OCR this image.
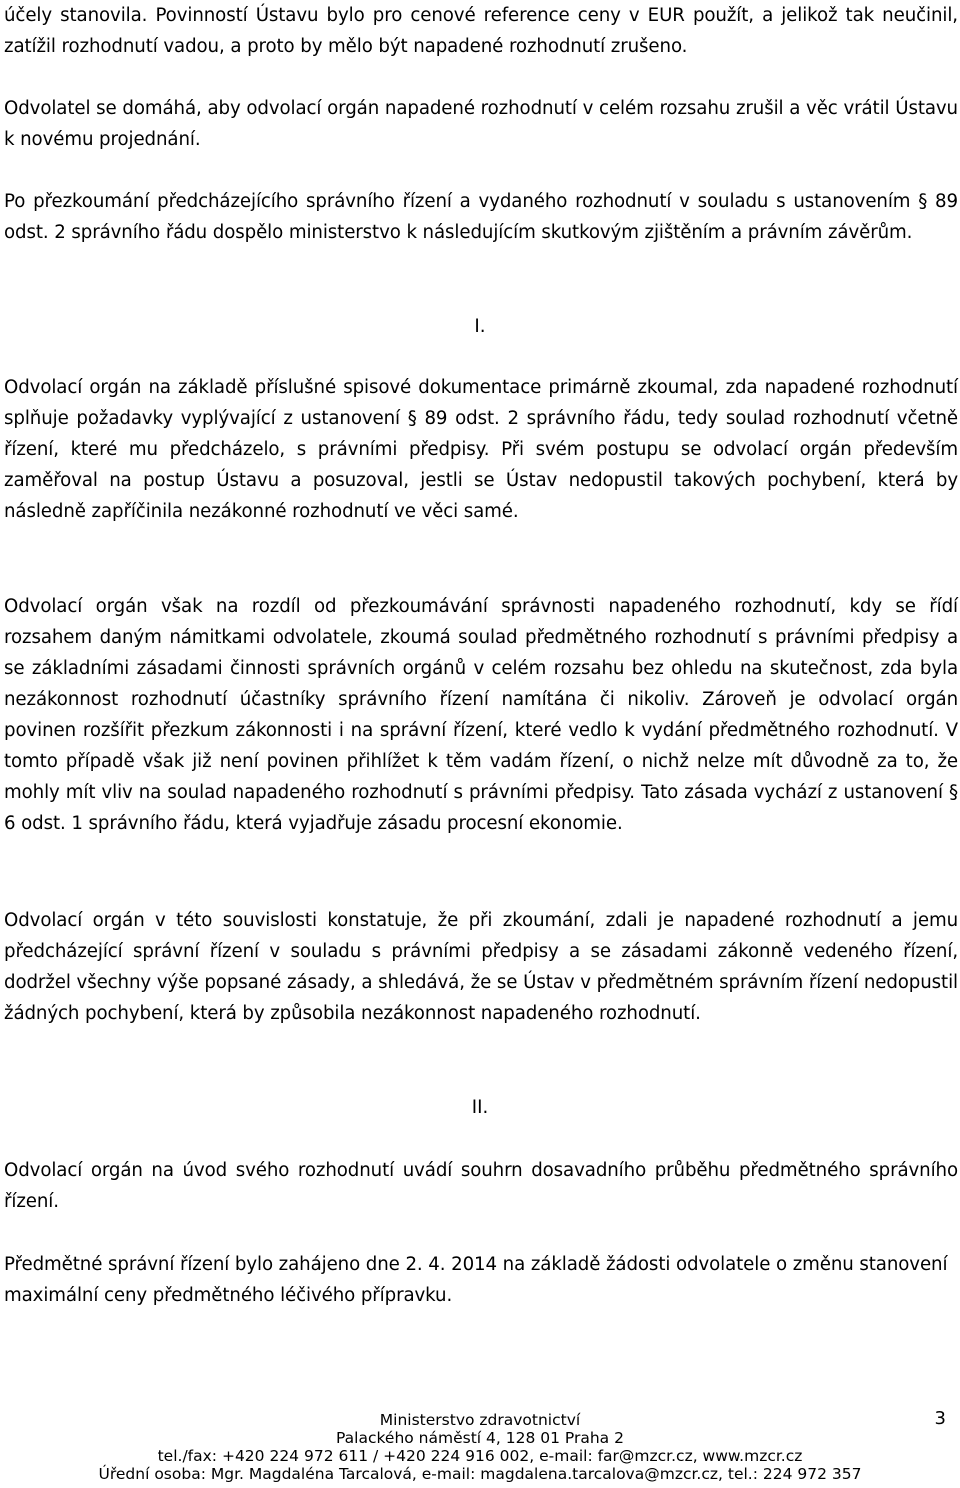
účely stanovila. Povinností Ústavu bylo pro cenové reference ceny v EUR použít, a jelikož tak neučinil, zatížil rozhodnutí vadou, a proto by mělo být napadené rozhodnutí zrušeno.

Odvolatel se domáhá, aby odvolací orgán napadené rozhodnutí v celém rozsahu zrušil a věc vrátil Ústavu k novému projednání.

Po přezkoumání předcházejícího správního řízení a vydaného rozhodnutí v souladu s ustanovením § 89 odst. 2 správního řádu dospělo ministerstvo k následujícím skutkovým zjištěním a právním závěrům.

I.

Odvolací orgán na základě příslušné spisové dokumentace primárně zkoumal, zda napadené rozhodnutí splňuje požadavky vyplývající z ustanovení § 89 odst. 2 správního řádu, tedy soulad rozhodnutí včetně řízení, které mu předcházelo, s právními předpisy. Při svém postupu se odvolací orgán především zaměřoval na postup Ústavu a posuzoval, jestli se Ústav nedopustil takových pochybení, která by následně zapříčinila nezákonné rozhodnutí ve věci samé.

Odvolací orgán však na rozdíl od přezkoumávání správnosti napadeného rozhodnutí, kdy se řídí rozsahem daným námitkami odvolatele, zkoumá soulad předmětného rozhodnutí s právními předpisy a se základními zásadami činnosti správních orgánů v celém rozsahu bez ohledu na skutečnost, zda byla nezákonnost rozhodnutí účastníky správního řízení namítána či nikoliv. Zároveň je odvolací orgán povinen rozšířit přezkum zákonnosti i na správní řízení, které vedlo k vydání předmětného rozhodnutí. V tomto případě však již není povinen přihlížet k těm vadám řízení, o nichž nelze mít důvodně za to, že mohly mít vliv na soulad napadeného rozhodnutí s právními předpisy. Tato zásada vychází z ustanovení § 6 odst. 1 správního řádu, která vyjadřuje zásadu procesní ekonomie.

Odvolací orgán v této souvislosti konstatuje, že při zkoumání, zdali je napadené rozhodnutí a jemu předcházející správní řízení v souladu s právními předpisy a se zásadami zákonně vedeného řízení, dodržel všechny výše popsané zásady, a shledává, že se Ústav v předmětném správním řízení nedopustil žádných pochybení, která by způsobila nezákonnost napadeného rozhodnutí.

II.

Odvolací orgán na úvod svého rozhodnutí uvádí souhrn dosavadního průběhu předmětného správního řízení.

Předmětné správní řízení bylo zahájeno dne 2. 4. 2014 na základě žádosti odvolatele o změnu stanovení maximální ceny předmětného léčivého přípravku.

Ministerstvo zdravotnictví
Palackého náměstí 4, 128 01 Praha 2
tel./fax: +420 224 972 611 / +420 224 916 002, e-mail: far@mzcr.cz, www.mzcr.cz
Úřední osoba: Mgr. Magdaléna Tarcalová, e-mail: magdalena.tarcalova@mzcr.cz, tel.: 224 972 357
3
